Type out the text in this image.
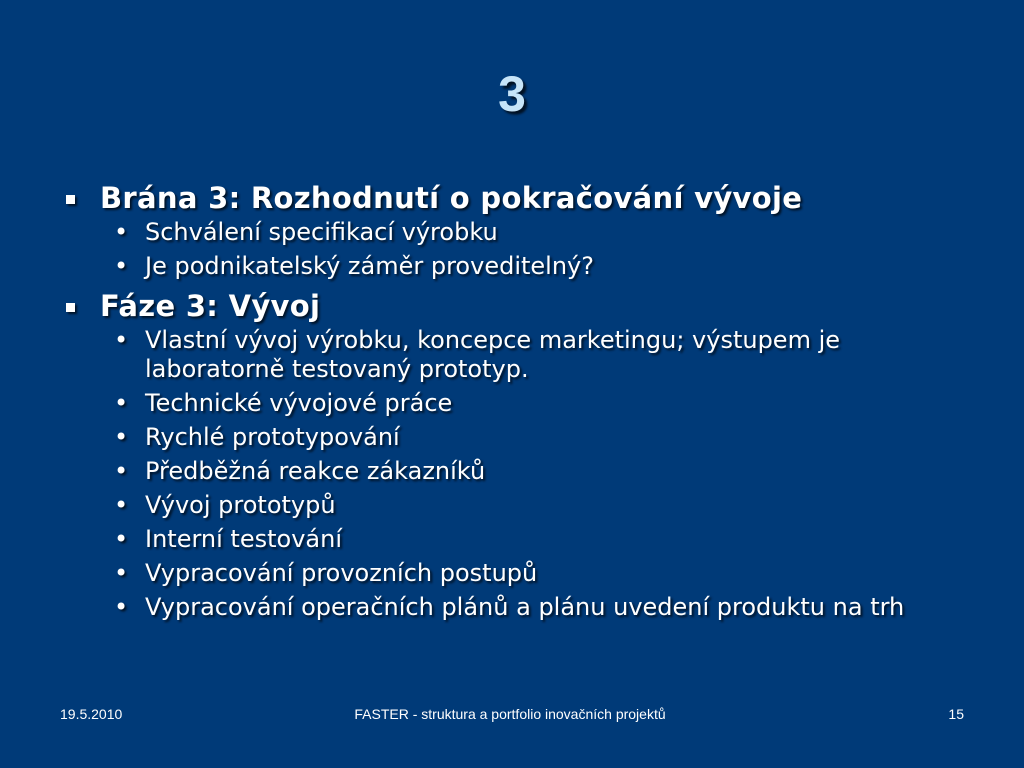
3
Brána 3: Rozhodnutí o pokračování vývoje
• Schválení specifikací výrobku
• Je podnikatelský záměr proveditelný?
Fáze 3: Vývoj
• Vlastní vývoj výrobku, koncepce marketingu; výstupem je laboratorně testovaný prototyp.
• Technické vývojové práce
• Rychlé prototypování
• Předběžná reakce zákazníků
• Vývoj prototypů
• Interní testování
• Vypracování provozních postupů
• Vypracování operačních plánů a plánu uvedení produktu na trh
19.5.2010	FASTER - struktura a portfolio inovačních projektů	15
